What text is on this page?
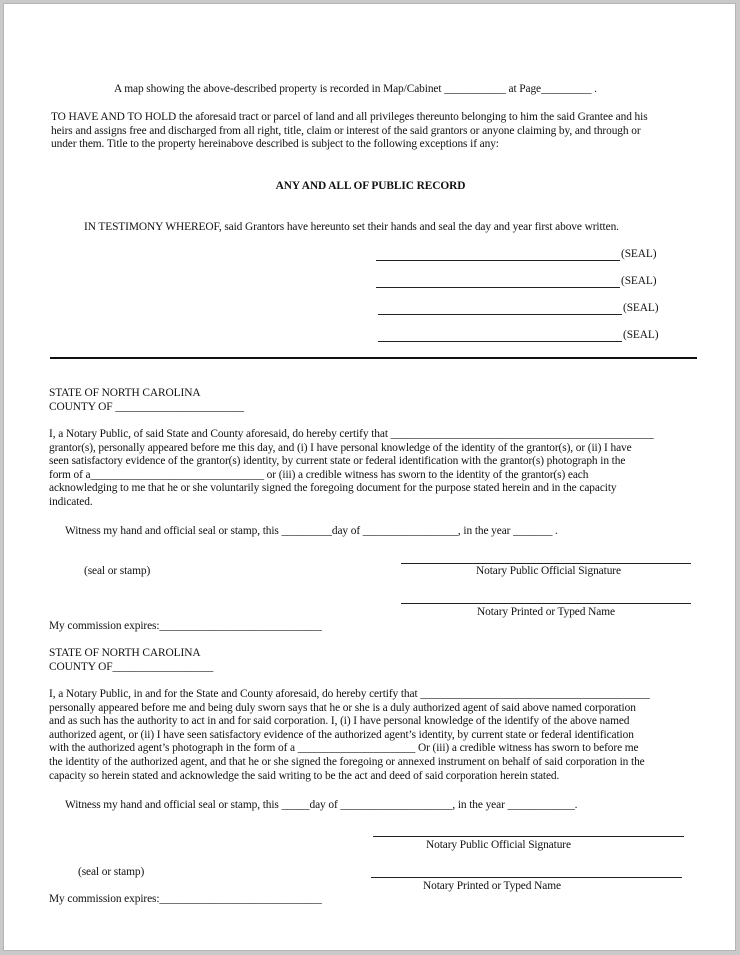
A map showing the above-described property is recorded in Map/Cabinet ___________ at Page_________ .
TO HAVE AND TO HOLD the aforesaid tract or parcel of land and all privileges thereunto belonging to him the said Grantee and his
heirs and assigns free and discharged from all right, title, claim or interest of the said grantors or anyone claiming by, and through or
under them. Title to the property hereinabove described is subject to the following exceptions if any:
ANY AND ALL OF PUBLIC RECORD
IN TESTIMONY WHEREOF, said Grantors have hereunto set their hands and seal the day and year first above written.
(SEAL)
(SEAL)
(SEAL)
(SEAL)
STATE OF NORTH CAROLINA
COUNTY OF _______________________
I, a Notary Public, of said State and County aforesaid, do hereby certify that _______________________________________________
grantor(s), personally appeared before me this day, and (i) I have personal knowledge of the identity of the grantor(s), or (ii) I have
seen satisfactory evidence of the grantor(s) identity, by current state or federal identification with the grantor(s) photograph in the
form of a_______________________________ or (iii) a credible witness has sworn to the identity of the grantor(s) each
acknowledging to me that he or she voluntarily signed the foregoing document for the purpose stated herein and in the capacity
indicated.
Witness my hand and official seal or stamp, this _________day of _________________, in the year _______ .
(seal or stamp)	Notary Public Official Signature
Notary Printed or Typed Name
My commission expires:_____________________________
STATE OF NORTH CAROLINA
COUNTY OF__________________
I, a Notary Public, in and for the State and County aforesaid, do hereby certify that _________________________________________
personally appeared before me and being duly sworn says that he or she is a duly authorized agent of said above named corporation
and as such has the authority to act in and for said corporation. I, (i) I have personal knowledge of the identify of the above named
authorized agent, or (ii) I have seen satisfactory evidence of the authorized agent’s identity, by current state or federal identification
with the authorized agent’s photograph in the form of a _____________________ Or (iii) a credible witness has sworn to before me
the identity of the authorized agent, and that he or she signed the foregoing or annexed instrument on behalf of said corporation in the
capacity so herein stated and acknowledge the said writing to be the act and deed of said corporation herein stated.
Witness my hand and official seal or stamp, this _____day of ____________________, in the year ____________.
Notary Public Official Signature
(seal or stamp)
Notary Printed or Typed Name
My commission expires:_____________________________
